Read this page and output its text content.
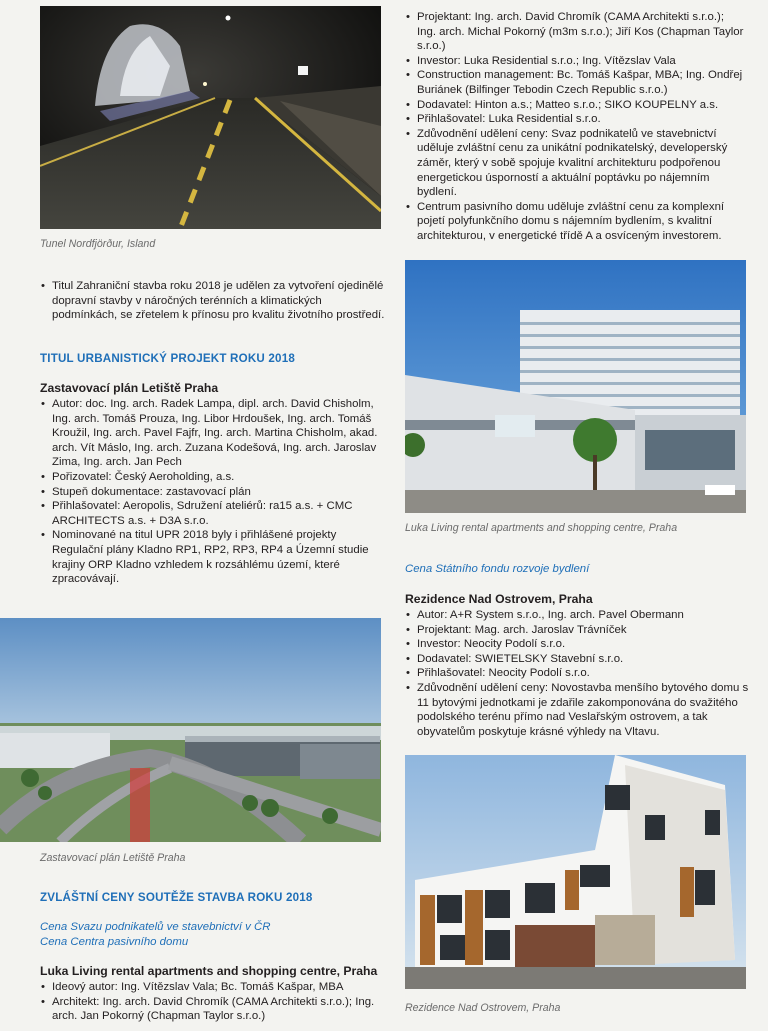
Tunel Nordfjörður, Island
• Titul Zahraniční stavba roku 2018 je udělen za vytvoření ojedinělé dopravní stavby v náročných terénních a klimatických podmínkách, se zřetelem k přínosu pro kvalitu životního prostředí.
TITUL URBANISTICKÝ PROJEKT ROKU 2018
Zastavovací plán Letiště Praha
• Autor: doc. Ing. arch. Radek Lampa, dipl. arch. David Chisholm, Ing. arch. Tomáš Prouza, Ing. Libor Hrdoušek, Ing. arch. Tomáš Kroužil, Ing. arch. Pavel Fajfr, Ing. arch. Martina Chisholm, akad. arch. Vít Máslo, Ing. arch. Zuzana Kodešová, Ing. arch. Jaroslav Zima, Ing. arch. Jan Pech
• Pořizovatel: Český Aeroholding, a.s.
• Stupeň dokumentace: zastavovací plán
• Přihlašovatel: Aeropolis, Sdružení ateliérů: ra15 a.s. + CMC ARCHITECTS a.s. + D3A s.r.o.
• Nominované na titul UPR 2018 byly i přihlášené projekty Regulační plány Kladno RP1, RP2, RP3, RP4 a Územní studie krajiny ORP Kladno vzhledem k rozsáhlému území, které zpracovávají.
Zastavovací plán Letiště Praha
ZVLÁŠTNÍ CENY SOUTĚŽE STAVBA ROKU 2018
Cena Svazu podnikatelů ve stavebnictví v ČR
Cena Centra pasivního domu
Luka Living rental apartments and shopping centre, Praha
• Ideový autor: Ing. Vítězslav Vala; Bc. Tomáš Kašpar, MBA
• Architekt: Ing. arch. David Chromík (CAMA Architekti s.r.o.); Ing. arch. Jan Pokorný (Chapman Taylor s.r.o.)
• Projektant: Ing. arch. David Chromík (CAMA Architekti s.r.o.); Ing. arch. Michal Pokorný (m3m s.r.o.); Jiří Kos (Chapman Taylor s.r.o.)
• Investor: Luka Residential s.r.o.; Ing. Vítězslav Vala
• Construction management: Bc. Tomáš Kašpar, MBA; Ing. Ondřej Buriánek (Bilfinger Tebodin Czech Republic s.r.o.)
• Dodavatel: Hinton a.s.; Matteo s.r.o.; SIKO KOUPELNY a.s.
• Přihlašovatel: Luka Residential s.r.o.
• Zdůvodnění udělení ceny: Svaz podnikatelů ve stavebnictví uděluje zvláštní cenu za unikátní podnikatelský, developerský záměr, který v sobě spojuje kvalitní architekturu podpořenou energetickou úsporností a aktuální poptávku po nájemním bydlení.
• Centrum pasivního domu uděluje zvláštní cenu za komplexní pojetí polyfunkčního domu s nájemním bydlením, s kvalitní architekturou, v energetické třídě A a osvíceným investorem.
Luka Living rental apartments and shopping centre, Praha
Cena Státního fondu rozvoje bydlení
Rezidence Nad Ostrovem, Praha
• Autor: A+R System s.r.o., Ing. arch. Pavel Obermann
• Projektant: Mag. arch. Jaroslav Trávníček
• Investor: Neocity Podolí s.r.o.
• Dodavatel: SWIETELSKY Stavební s.r.o.
• Přihlašovatel: Neocity Podolí s.r.o.
• Zdůvodnění udělení ceny: Novostavba menšího bytového domu s 11 bytovými jednotkami je zdařile zakomponována do svažitého podolského terénu přímo nad Veslařským ostrovem, a tak obyvatelům poskytuje krásné výhledy na Vltavu.
Rezidence Nad Ostrovem, Praha
